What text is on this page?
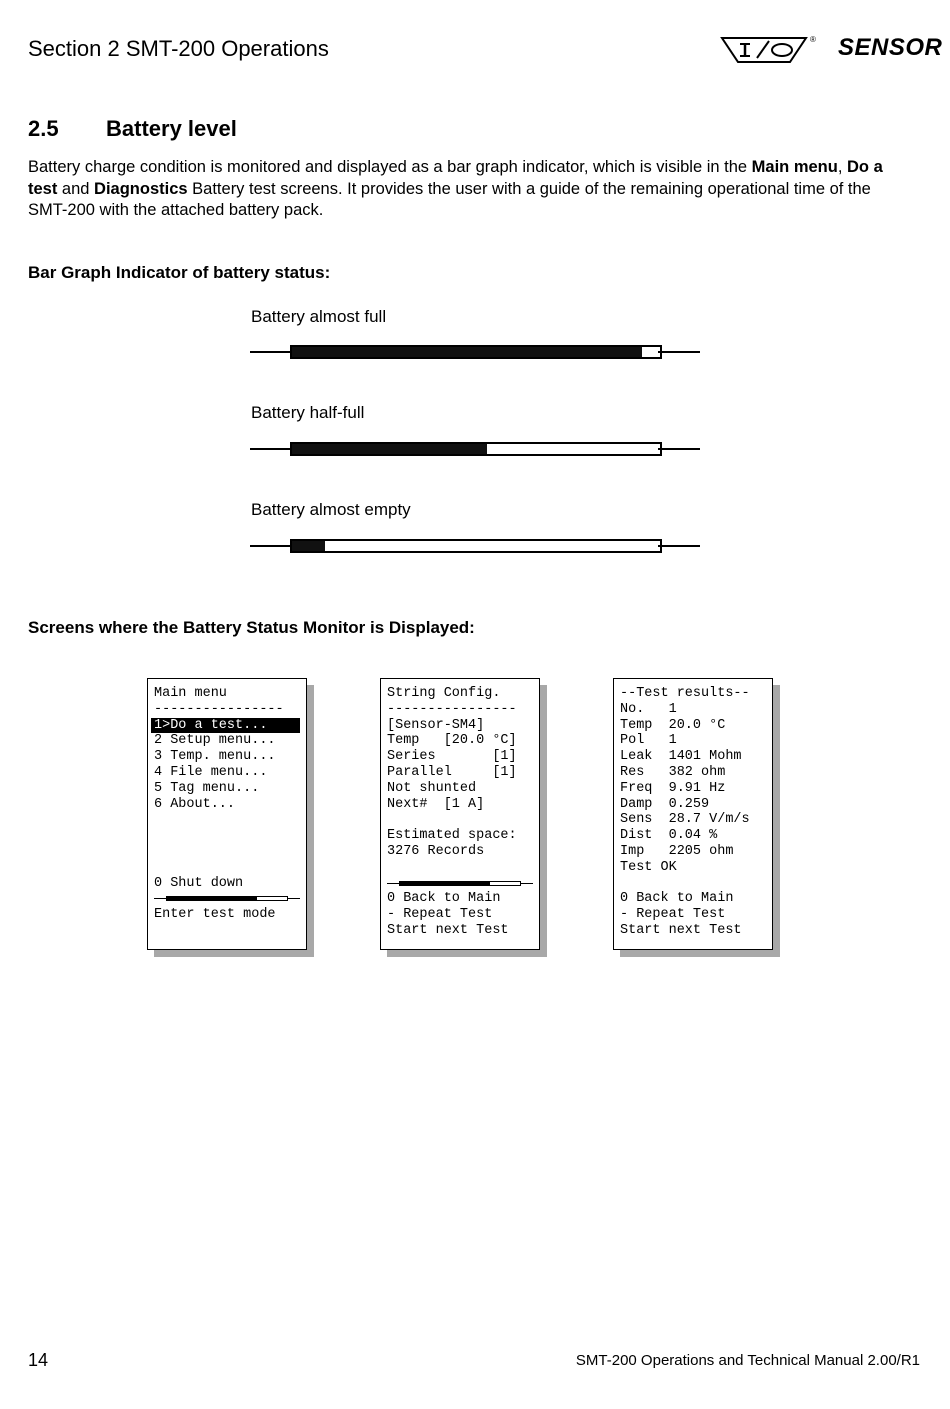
Section 2 SMT-200 Operations	® SENSOR
2.5 Battery level
Battery charge condition is monitored and displayed as a bar graph indicator, which is visible in the Main menu, Do a test and Diagnostics Battery test screens. It provides the user with a guide of the remaining operational time of the SMT-200 with the attached battery pack.
Bar Graph Indicator of battery status:
Battery almost full
Battery half-full
Battery almost empty
Screens where the Battery Status Monitor is Displayed:
Main menu
----------------
1>Do a test...
2 Setup menu...
3 Temp. menu...
4 File menu...
5 Tag menu...
6 About...

0 Shut down
Enter test mode
String Config.
----------------
[Sensor-SM4]
Temp   [20.0 °C]
Series       [1]
Parallel     [1]
Not shunted
Next#  [1 A]

Estimated space:
3276 Records

0 Back to Main
- Repeat Test
Start next Test
--Test results--
No.   1
Temp  20.0 °C
Pol   1
Leak  1401 Mohm
Res   382 ohm
Freq  9.91 Hz
Damp  0.259
Sens  28.7 V/m/s
Dist  0.04 %
Imp   2205 ohm
Test OK

0 Back to Main
- Repeat Test
Start next Test
14	SMT-200 Operations and Technical Manual 2.00/R1
